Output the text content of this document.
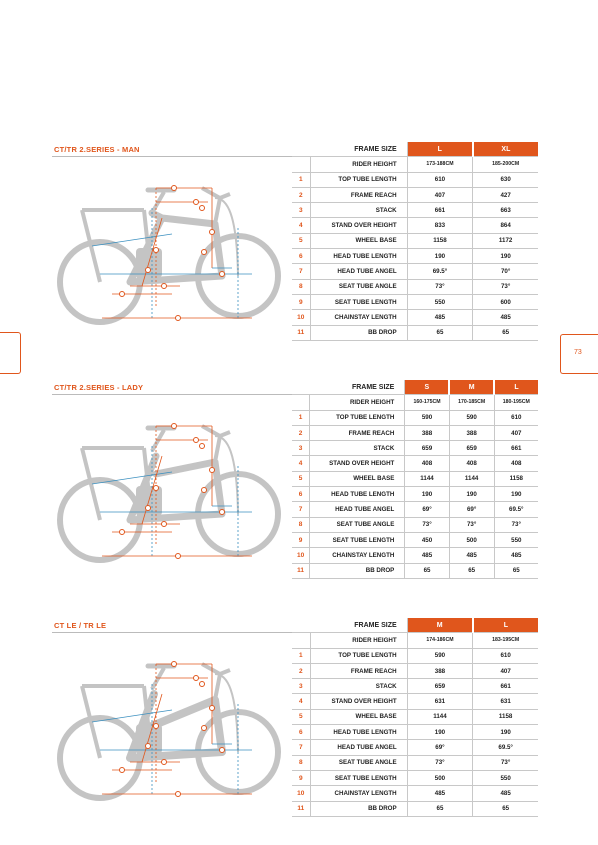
CT/TR 2.SERIES - MAN
		FRAME SIZE	L	XL
	RIDER HEIGHT	173-188CM	185-200CM
1	TOP TUBE LENGTH	610	630
2	FRAME REACH	407	427
3	STACK	661	663
4	STAND OVER HEIGHT	833	864
5	WHEEL BASE	1158	1172
6	HEAD TUBE LENGTH	190	190
7	HEAD TUBE ANGEL	69.5°	70°
8	SEAT TUBE ANGLE	73°	73°
9	SEAT TUBE LENGTH	550	600
10	CHAINSTAY LENGTH	485	485
11	BB DROP	65	65
CT/TR 2.SERIES - LADY
		FRAME SIZE	S	M	L
	RIDER HEIGHT	160-175CM	170-185CM	180-195CM
1	TOP TUBE LENGTH	590	590	610
2	FRAME REACH	388	388	407
3	STACK	659	659	661
4	STAND OVER HEIGHT	408	408	408
5	WHEEL BASE	1144	1144	1158
6	HEAD TUBE LENGTH	190	190	190
7	HEAD TUBE ANGEL	69°	69°	69.5°
8	SEAT TUBE ANGLE	73°	73°	73°
9	SEAT TUBE LENGTH	450	500	550
10	CHAINSTAY LENGTH	485	485	485
11	BB DROP	65	65	65
CT LE / TR LE
		FRAME SIZE	M	L
	RIDER HEIGHT	174-186CM	183-195CM
1	TOP TUBE LENGTH	590	610
2	FRAME REACH	388	407
3	STACK	659	661
4	STAND OVER HEIGHT	631	631
5	WHEEL BASE	1144	1158
6	HEAD TUBE LENGTH	190	190
7	HEAD TUBE ANGEL	69°	69.5°
8	SEAT TUBE ANGLE	73°	73°
9	SEAT TUBE LENGTH	500	550
10	CHAINSTAY LENGTH	485	485
11	BB DROP	65	65
73
